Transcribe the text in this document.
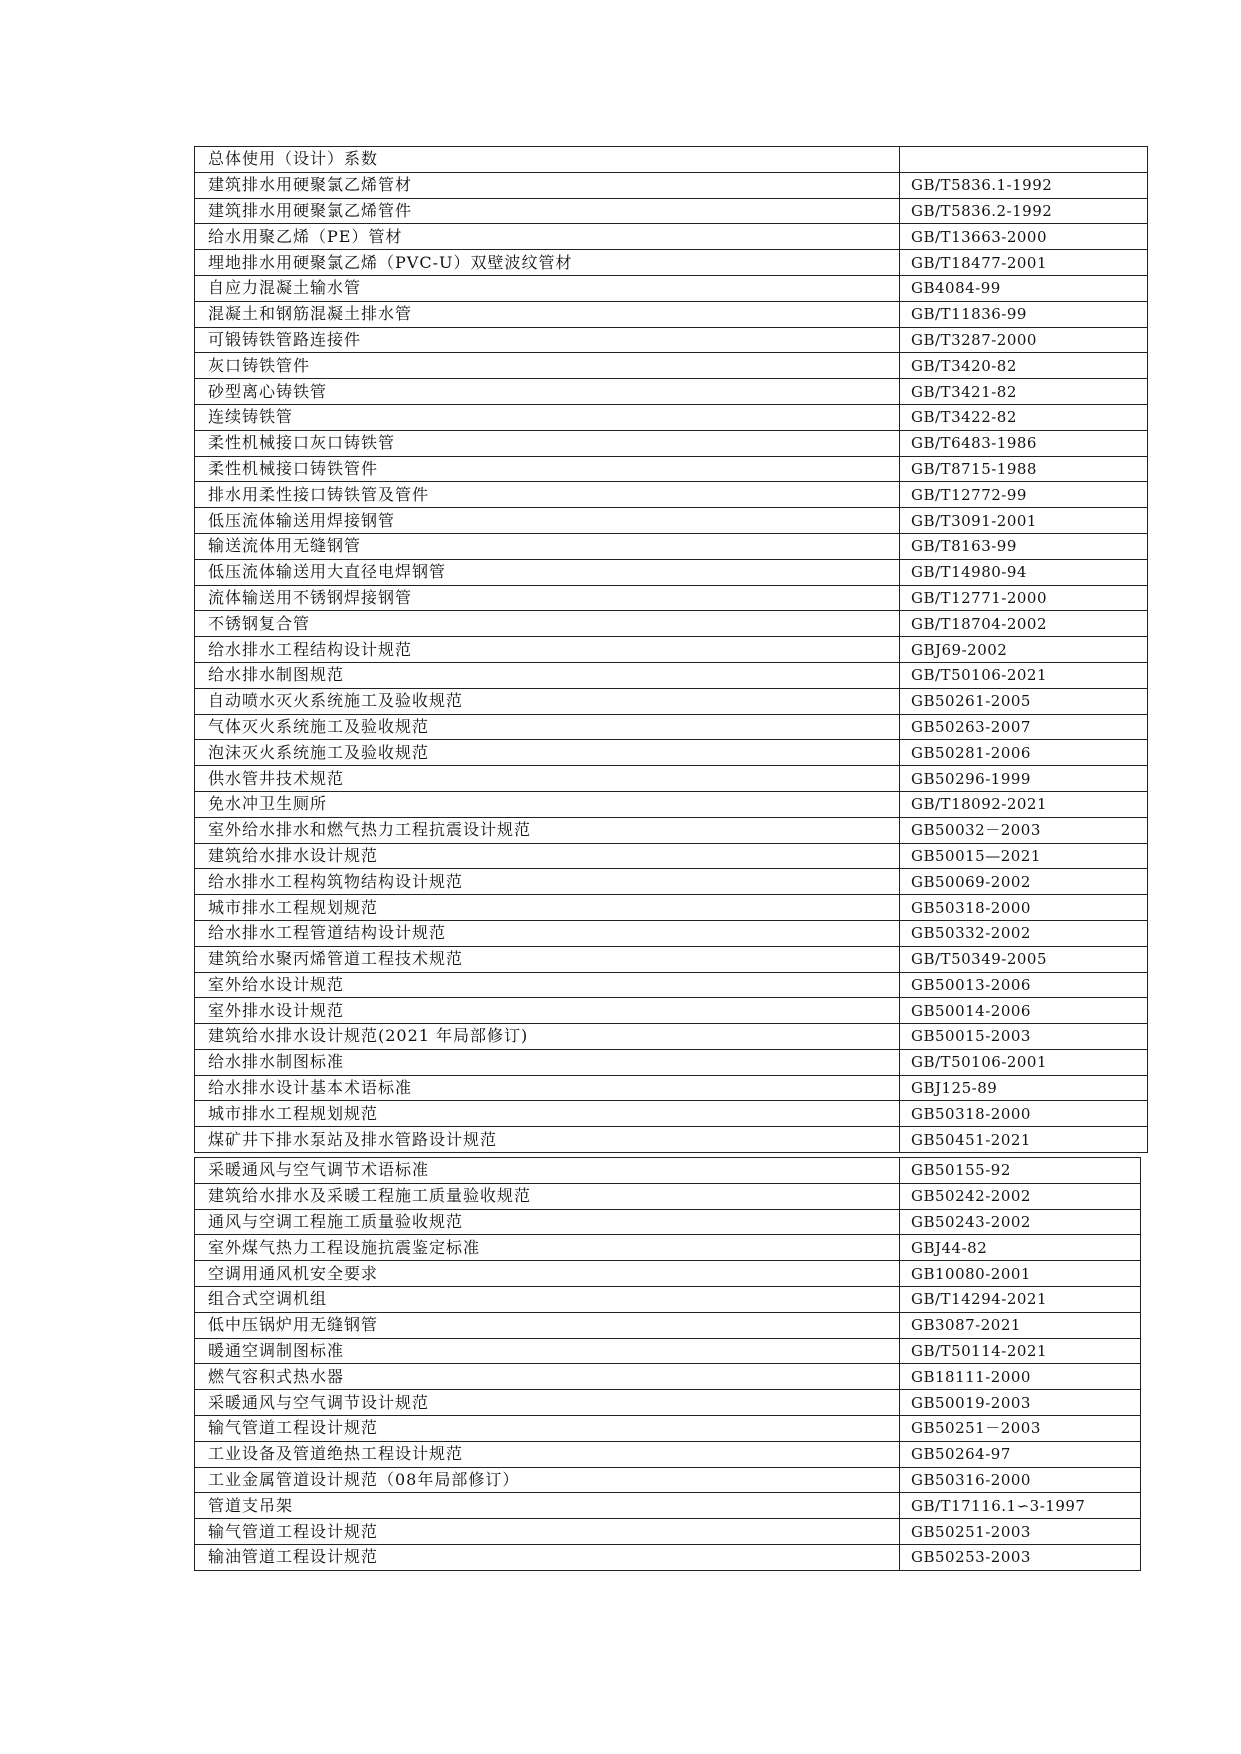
总体使用（设计）系数	
建筑排水用硬聚氯乙烯管材	GB/T5836.1-1992
建筑排水用硬聚氯乙烯管件	GB/T5836.2-1992
给水用聚乙烯（PE）管材	GB/T13663-2000
埋地排水用硬聚氯乙烯（PVC-U）双壁波纹管材	GB/T18477-2001
自应力混凝土输水管	GB4084-99
混凝土和钢筋混凝土排水管	GB/T11836-99
可锻铸铁管路连接件	GB/T3287-2000
灰口铸铁管件	GB/T3420-82
砂型离心铸铁管	GB/T3421-82
连续铸铁管	GB/T3422-82
柔性机械接口灰口铸铁管	GB/T6483-1986
柔性机械接口铸铁管件	GB/T8715-1988
排水用柔性接口铸铁管及管件	GB/T12772-99
低压流体输送用焊接钢管	GB/T3091-2001
输送流体用无缝钢管	GB/T8163-99
低压流体输送用大直径电焊钢管	GB/T14980-94
流体输送用不锈钢焊接钢管	GB/T12771-2000
不锈钢复合管	GB/T18704-2002
给水排水工程结构设计规范	GBJ69-2002
给水排水制图规范	GB/T50106-2021
自动喷水灭火系统施工及验收规范	GB50261-2005
气体灭火系统施工及验收规范	GB50263-2007
泡沫灭火系统施工及验收规范	GB50281-2006
供水管井技术规范	GB50296-1999
免水冲卫生厕所	GB/T18092-2021
室外给水排水和燃气热力工程抗震设计规范	GB50032－2003
建筑给水排水设计规范	GB50015—2021
给水排水工程构筑物结构设计规范	GB50069-2002
城市排水工程规划规范	GB50318-2000
给水排水工程管道结构设计规范	GB50332-2002
建筑给水聚丙烯管道工程技术规范	GB/T50349-2005
室外给水设计规范	GB50013-2006
室外排水设计规范	GB50014-2006
建筑给水排水设计规范(2021 年局部修订)	GB50015-2003
给水排水制图标准	GB/T50106-2001
给水排水设计基本术语标准	GBJ125-89
城市排水工程规划规范	GB50318-2000
煤矿井下排水泵站及排水管路设计规范	GB50451-2021
采暖通风与空气调节术语标准	GB50155-92
建筑给水排水及采暖工程施工质量验收规范	GB50242-2002
通风与空调工程施工质量验收规范	GB50243-2002
室外煤气热力工程设施抗震鉴定标准	GBJ44-82
空调用通风机安全要求	GB10080-2001
组合式空调机组	GB/T14294-2021
低中压锅炉用无缝钢管	GB3087-2021
暖通空调制图标准	GB/T50114-2021
燃气容积式热水器	GB18111-2000
采暖通风与空气调节设计规范	GB50019-2003
输气管道工程设计规范	GB50251－2003
工业设备及管道绝热工程设计规范	GB50264-97
工业金属管道设计规范（08年局部修订）	GB50316-2000
管道支吊架	GB/T17116.1∽3-1997
输气管道工程设计规范	GB50251-2003
输油管道工程设计规范	GB50253-2003
